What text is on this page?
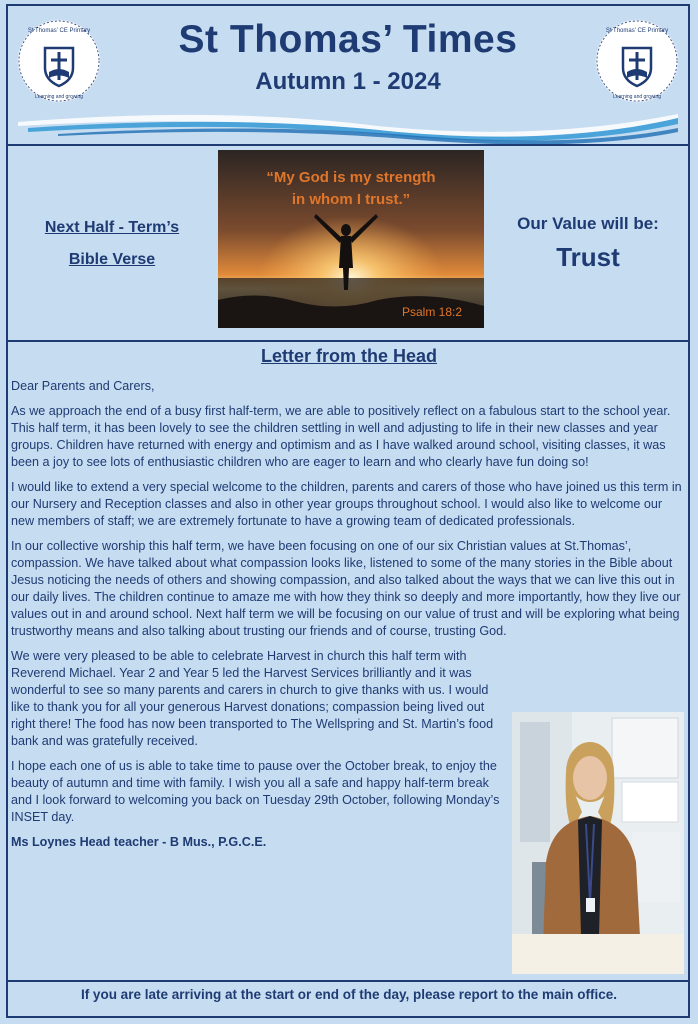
St Thomas’ CE Primary
Learning and growing
St Thomas’ CE Primary
Learning and growing
St Thomas’ Times
Autumn 1 - 2024
Next Half - Term’s
Bible Verse
“My God is my strength
in whom I trust.”
Psalm 18:2
Our Value will be:
Trust
Letter from the Head

Dear Parents and Carers,

As we approach the end of a busy first half-term, we are able to positively reflect on a fabulous start to the school year. This half term, it has been lovely to see the children settling in well and adjusting to life in their new classes and year groups. Children have returned with energy and optimism and as I have walked around school, visiting classes, it was been a joy to see lots of enthusiastic children who are eager to learn and who clearly have fun doing so!

I would like to extend a very special welcome to the children, parents and carers of those who have joined us this term in our Nursery and Reception classes and also in other year groups throughout school. I would also like to welcome our new members of staff; we are extremely fortunate to have a growing team of dedicated professionals.

In our collective worship this half term, we have been focusing on one of our six Christian values at St.Thomas’, compassion. We have talked about what compassion looks like, listened to some of the many stories in the Bible about Jesus noticing the needs of others and showing compassion, and also talked about the ways that we can live this out in our daily lives. The children continue to amaze me with how they think so deeply and more importantly, how they live our values out in and around school. Next half term we will be focusing on our value of trust and will be exploring what being trustworthy means and also talking about trusting our friends and of course, trusting God.

We were very pleased to be able to celebrate Harvest in church this half term with Reverend Michael. Year 2 and Year 5 led the Harvest Services brilliantly and it was wonderful to see so many parents and carers in church to give thanks with us. I would like to thank you for all your generous Harvest donations; compassion being lived out right there! The food has now been transported to The Wellspring and St. Martin’s food bank and was gratefully received.

I hope each one of us is able to take time to pause over the October break, to enjoy the beauty of autumn and time with family. I wish you all a safe and happy half-term break and I look forward to welcoming you back on Tuesday 29th October, following Monday’s INSET day.

Ms Loynes Head teacher - B Mus., P.G.C.E.

If you are late arriving at the start or end of the day, please report to the main office.
